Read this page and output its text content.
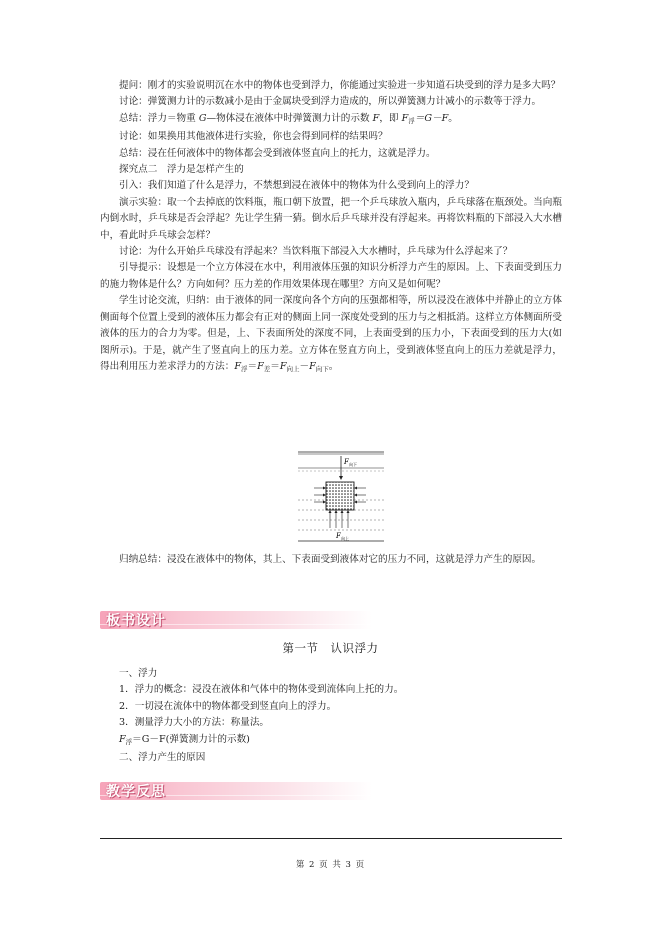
提问：刚才的实验说明沉在水中的物体也受到浮力，你能通过实验进一步知道石块受到的浮力是多大吗？

讨论：弹簧测力计的示数减小是由于金属块受到浮力造成的，所以弹簧测力计减小的示数等于浮力。

总结：浮力＝物重 G—物体浸在液体中时弹簧测力计的示数 F，即 $F_浮=G-F$。

讨论：如果换用其他液体进行实验，你也会得到同样的结果吗？

总结：浸在任何液体中的物体都会受到液体竖直向上的托力，这就是浮力。

探究点二　浮力是怎样产生的

引入：我们知道了什么是浮力，不禁想到浸在液体中的物体为什么受到向上的浮力？

演示实验：取一个去掉底的饮料瓶，瓶口朝下放置，把一个乒乓球放入瓶内，乒乓球落在瓶颈处。当向瓶内倒水时，乒乓球是否会浮起？先让学生猜一猜。倒水后乒乓球并没有浮起来。再将饮料瓶的下部浸入大水槽中，看此时乒乓球会怎样？

讨论：为什么开始乒乓球没有浮起来？当饮料瓶下部浸入大水槽时，乒乓球为什么浮起来了？

引导提示：设想是一个立方体浸在水中，利用液体压强的知识分析浮力产生的原因。上、下表面受到压力的施力物体是什么？方向如何？压力差的作用效果体现在哪里？方向又是如何呢？

学生讨论交流，归纳：由于液体的同一深度向各个方向的压强都相等，所以浸没在液体中并静止的立方体侧面每个位置上受到的液体压力都会有正对的侧面上同一深度处受到的压力与之相抵消。这样立方体侧面所受液体的压力的合力为零。但是，上、下表面所处的深度不同，上表面受到的压力小，下表面受到的压力大(如图所示)。于是，就产生了竖直向上的压力差。立方体在竖直方向上，受到液体竖直向上的压力差就是浮力，得出利用压力差求浮力的方法：$F_浮=F_差=F_{向上}-F_{向下}$。

F 向下
F 向上
归纳总结：浸没在液体中的物体，其上、下表面受到液体对它的压力不同，这就是浮力产生的原因。
板书设计
第一节　认识浮力
一、浮力
1．浮力的概念：浸没在液体和气体中的物体受到流体向上托的力。
2．一切浸在流体中的物体都受到竖直向上的浮力。
3．测量浮力大小的方法：称量法。
$F_浮=G-F$(弹簧测力计的示数)
二、浮力产生的原因
教学反思
第 2 页 共 3 页
